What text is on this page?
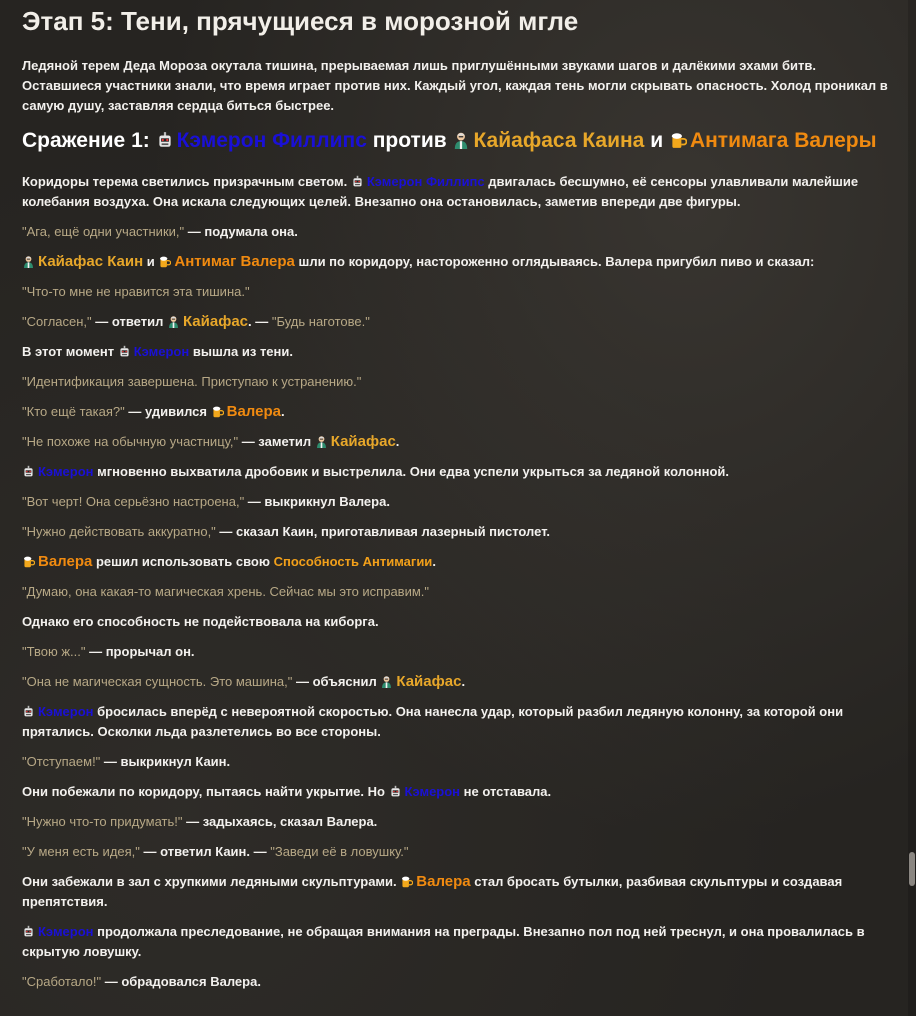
Этап 5: Тени, прячущиеся в морозной мгле

Ледяной терем Деда Мороза окутала тишина, прерываемая лишь приглушёнными звуками шагов и далёкими эхами битв. Оставшиеся участники знали, что время играет против них. Каждый угол, каждая тень могли скрывать опасность. Холод проникал в самую душу, заставляя сердца биться быстрее.

Сражение 1: Кэмерон Филлипс против Кайафаса Каина и Антимага Валеры

Коридоры терема светились призрачным светом. Кэмерон Филлипс двигалась бесшумно, её сенсоры улавливали малейшие колебания воздуха. Она искала следующих целей. Внезапно она остановилась, заметив впереди две фигуры.

"Ага, ещё одни участники," — подумала она.

Кайафас Каин и Антимаг Валера шли по коридору, настороженно оглядываясь. Валера пригубил пиво и сказал:

"Что-то мне не нравится эта тишина."

"Согласен," — ответил Кайафас. — "Будь наготове."

В этот момент Кэмерон вышла из тени.

"Идентификация завершена. Приступаю к устранению."

"Кто ещё такая?" — удивился Валера.

"Не похоже на обычную участницу," — заметил Кайафас.

Кэмерон мгновенно выхватила дробовик и выстрелила. Они едва успели укрыться за ледяной колонной.

"Вот черт! Она серьёзно настроена," — выкрикнул Валера.

"Нужно действовать аккуратно," — сказал Каин, приготавливая лазерный пистолет.

Валера решил использовать свою Способность Антимагии.

"Думаю, она какая-то магическая хрень. Сейчас мы это исправим."

Однако его способность не подействовала на киборга.

"Твою ж..." — прорычал он.

"Она не магическая сущность. Это машина," — объяснил Кайафас.

Кэмерон бросилась вперёд с невероятной скоростью. Она нанесла удар, который разбил ледяную колонну, за которой они прятались. Осколки льда разлетелись во все стороны.

"Отступаем!" — выкрикнул Каин.

Они побежали по коридору, пытаясь найти укрытие. Но Кэмерон не отставала.

"Нужно что-то придумать!" — задыхаясь, сказал Валера.

"У меня есть идея," — ответил Каин. — "Заведи её в ловушку."

Они забежали в зал с хрупкими ледяными скульптурами. Валера стал бросать бутылки, разбивая скульптуры и создавая препятствия.

Кэмерон продолжала преследование, не обращая внимания на преграды. Внезапно пол под ней треснул, и она провалилась в скрытую ловушку.

"Сработало!" — обрадовался Валера.
